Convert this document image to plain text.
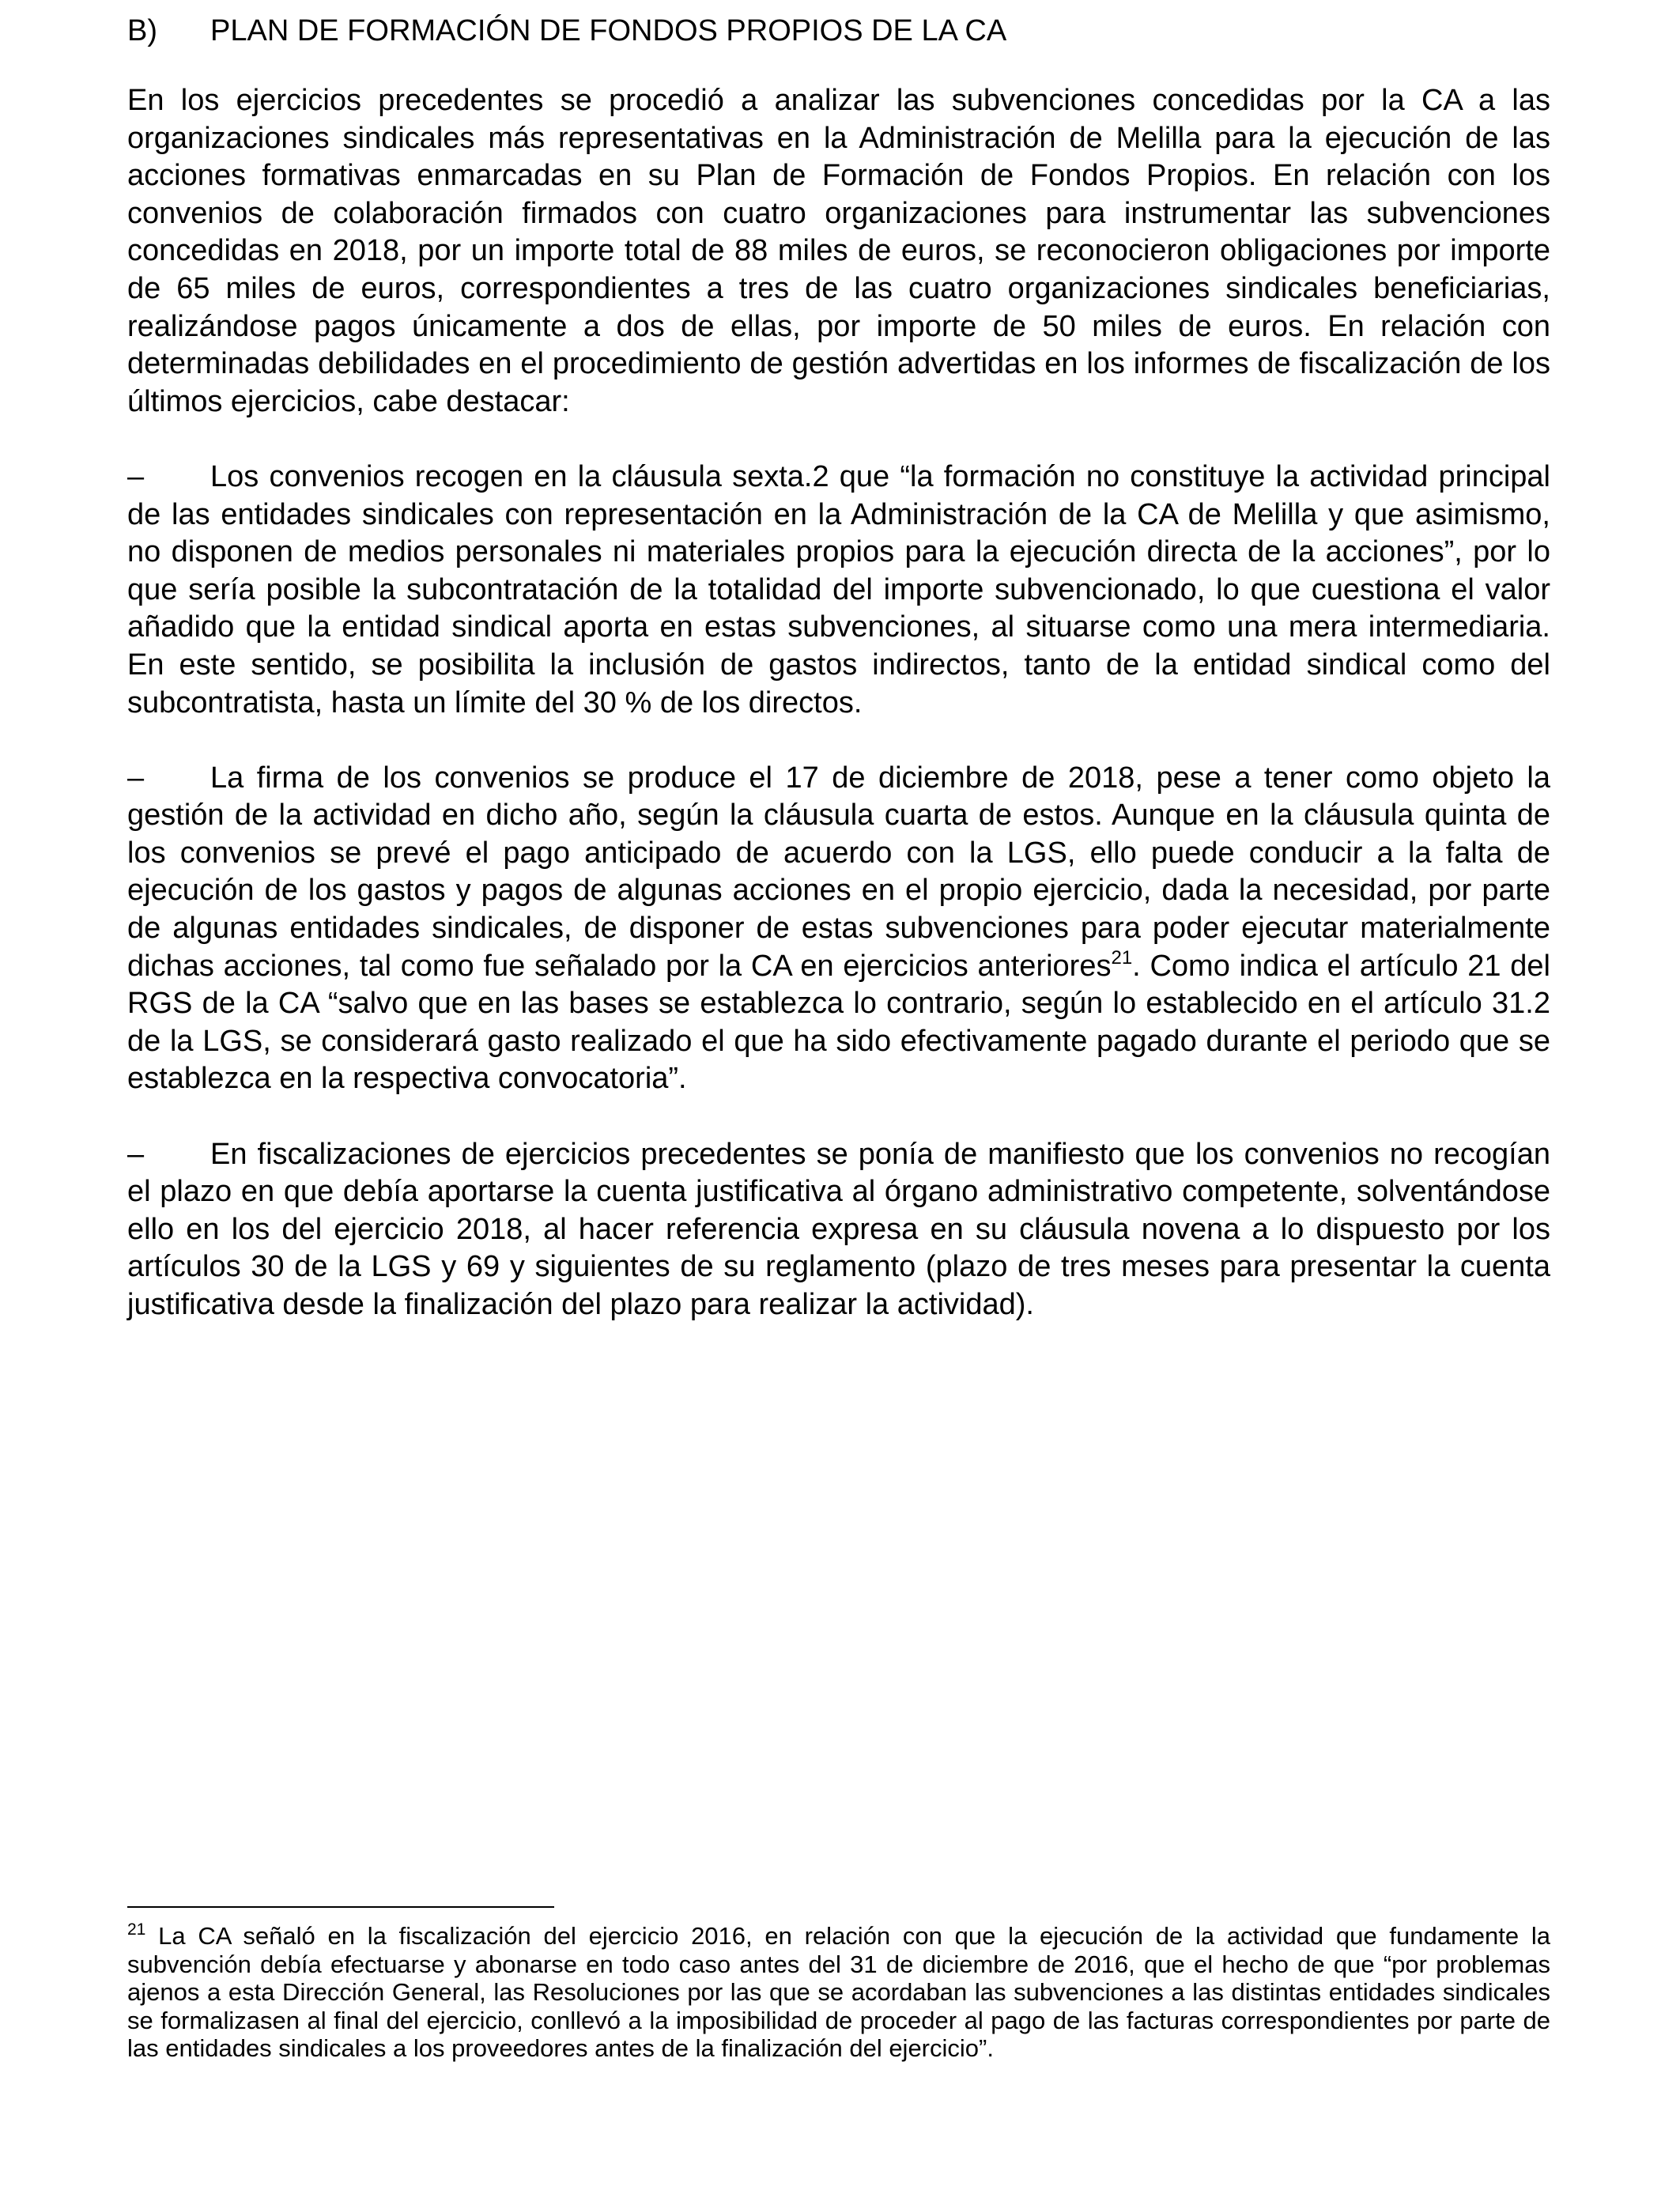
B) PLAN DE FORMACIÓN DE FONDOS PROPIOS DE LA CA

En los ejercicios precedentes se procedió a analizar las subvenciones concedidas por la CA a las organizaciones sindicales más representativas en la Administración de Melilla para la ejecución de las acciones formativas enmarcadas en su Plan de Formación de Fondos Propios. En relación con los convenios de colaboración firmados con cuatro organizaciones para instrumentar las subvenciones concedidas en 2018, por un importe total de 88 miles de euros, se reconocieron obligaciones por importe de 65 miles de euros, correspondientes a tres de las cuatro organizaciones sindicales beneficiarias, realizándose pagos únicamente a dos de ellas, por importe de 50 miles de euros. En relación con determinadas debilidades en el procedimiento de gestión advertidas en los informes de fiscalización de los últimos ejercicios, cabe destacar:

– Los convenios recogen en la cláusula sexta.2 que “la formación no constituye la actividad principal de las entidades sindicales con representación en la Administración de la CA de Melilla y que asimismo, no disponen de medios personales ni materiales propios para la ejecución directa de la acciones”, por lo que sería posible la subcontratación de la totalidad del importe subvencionado, lo que cuestiona el valor añadido que la entidad sindical aporta en estas subvenciones, al situarse como una mera intermediaria. En este sentido, se posibilita la inclusión de gastos indirectos, tanto de la entidad sindical como del subcontratista, hasta un límite del 30 % de los directos.

– La firma de los convenios se produce el 17 de diciembre de 2018, pese a tener como objeto la gestión de la actividad en dicho año, según la cláusula cuarta de estos. Aunque en la cláusula quinta de los convenios se prevé el pago anticipado de acuerdo con la LGS, ello puede conducir a la falta de ejecución de los gastos y pagos de algunas acciones en el propio ejercicio, dada la necesidad, por parte de algunas entidades sindicales, de disponer de estas subvenciones para poder ejecutar materialmente dichas acciones, tal como fue señalado por la CA en ejercicios anteriores$^{21}$. Como indica el artículo 21 del RGS de la CA “salvo que en las bases se establezca lo contrario, según lo establecido en el artículo 31.2 de la LGS, se considerará gasto realizado el que ha sido efectivamente pagado durante el periodo que se establezca en la respectiva convocatoria”.

– En fiscalizaciones de ejercicios precedentes se ponía de manifiesto que los convenios no recogían el plazo en que debía aportarse la cuenta justificativa al órgano administrativo competente, solventándose ello en los del ejercicio 2018, al hacer referencia expresa en su cláusula novena a lo dispuesto por los artículos 30 de la LGS y 69 y siguientes de su reglamento (plazo de tres meses para presentar la cuenta justificativa desde la finalización del plazo para realizar la actividad).

$^{21}$ La CA señaló en la fiscalización del ejercicio 2016, en relación con que la ejecución de la actividad que fundamente la subvención debía efectuarse y abonarse en todo caso antes del 31 de diciembre de 2016, que el hecho de que “por problemas ajenos a esta Dirección General, las Resoluciones por las que se acordaban las subvenciones a las distintas entidades sindicales se formalizasen al final del ejercicio, conllevó a la imposibilidad de proceder al pago de las facturas correspondientes por parte de las entidades sindicales a los proveedores antes de la finalización del ejercicio”.
